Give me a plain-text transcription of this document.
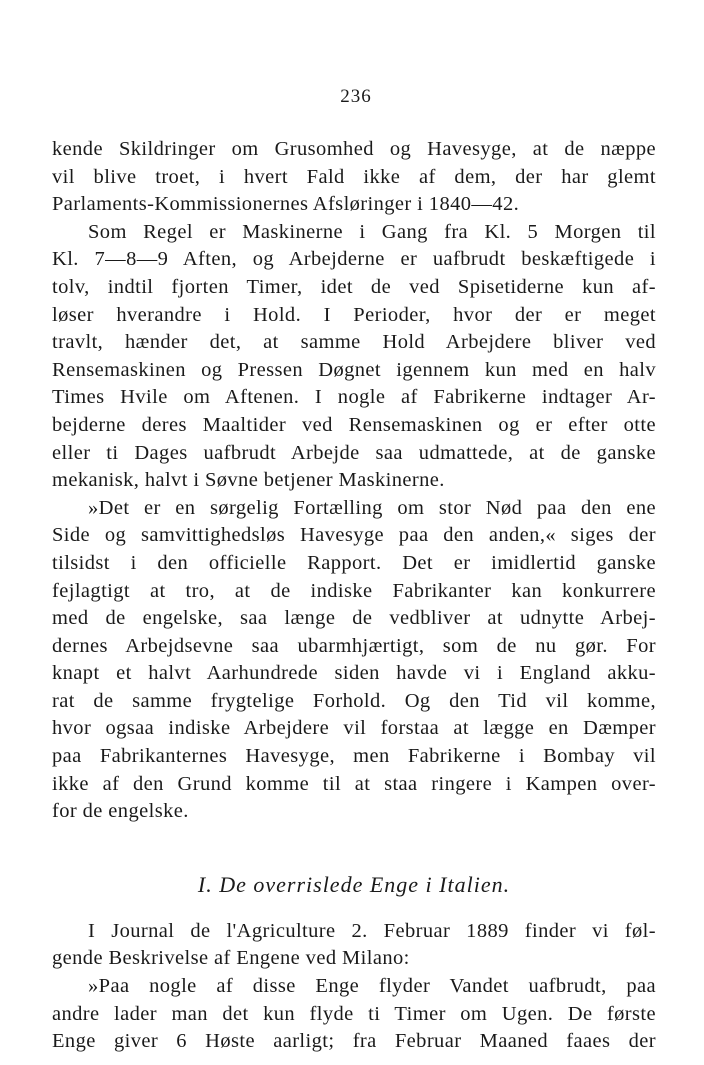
236
kende Skildringer om Grusomhed og Havesyge, at de næppe
vil blive troet, i hvert Fald ikke af dem, der har glemt
Parlaments-Kommissionernes Afsløringer i 1840—42.
Som Regel er Maskinerne i Gang fra Kl. 5 Morgen til
Kl. 7—8—9 Aften, og Arbejderne er uafbrudt beskæftigede i
tolv, indtil fjorten Timer, idet de ved Spisetiderne kun af-
løser hverandre i Hold. I Perioder, hvor der er meget
travlt, hænder det, at samme Hold Arbejdere bliver ved
Rensemaskinen og Pressen Døgnet igennem kun med en halv
Times Hvile om Aftenen. I nogle af Fabrikerne indtager Ar-
bejderne deres Maaltider ved Rensemaskinen og er efter otte
eller ti Dages uafbrudt Arbejde saa udmattede, at de ganske
mekanisk, halvt i Søvne betjener Maskinerne.
»Det er en sørgelig Fortælling om stor Nød paa den ene
Side og samvittighedsløs Havesyge paa den anden,« siges der
tilsidst i den officielle Rapport. Det er imidlertid ganske
fejlagtigt at tro, at de indiske Fabrikanter kan konkurrere
med de engelske, saa længe de vedbliver at udnytte Arbej-
dernes Arbejdsevne saa ubarmhjærtigt, som de nu gør. For
knapt et halvt Aarhundrede siden havde vi i England akku-
rat de samme frygtelige Forhold. Og den Tid vil komme,
hvor ogsaa indiske Arbejdere vil forstaa at lægge en Dæmper
paa Fabrikanternes Havesyge, men Fabrikerne i Bombay vil
ikke af den Grund komme til at staa ringere i Kampen over-
for de engelske.
I. De overrislede Enge i Italien.
I Journal de l'Agriculture 2. Februar 1889 finder vi føl-
gende Beskrivelse af Engene ved Milano:
»Paa nogle af disse Enge flyder Vandet uafbrudt, paa
andre lader man det kun flyde ti Timer om Ugen. De første
Enge giver 6 Høste aarligt; fra Februar Maaned faaes der
